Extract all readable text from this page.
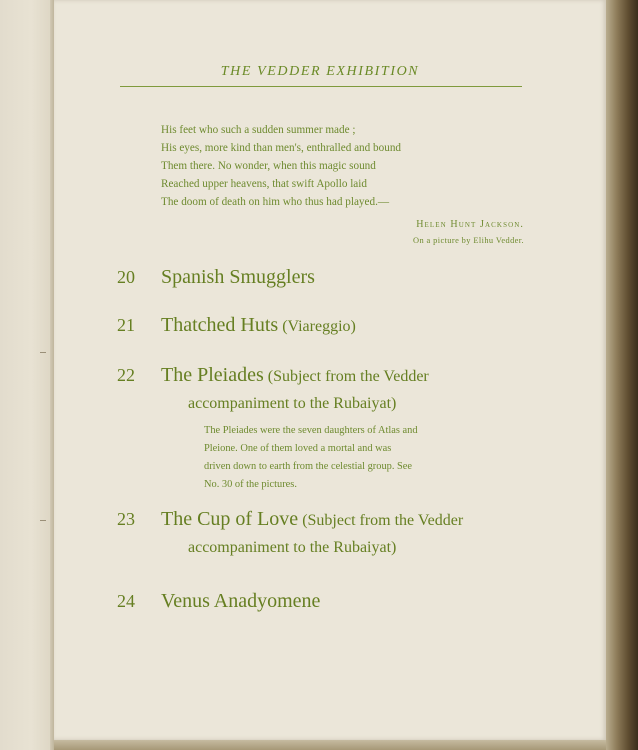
THE VEDDER EXHIBITION
His feet who such a sudden summer made ;
His eyes, more kind than men's, enthralled and bound
Them there. No wonder, when this magic sound
Reached upper heavens, that swift Apollo laid
The doom of death on him who thus had played.—
Helen Hunt Jackson.
On a picture by Elihu Vedder.
20 Spanish Smugglers
21 Thatched Huts (Viareggio)
22 The Pleiades (Subject from the Vedder
accompaniment to the Rubaiyat)
The Pleiades were the seven daughters of Atlas and
Pleione. One of them loved a mortal and was
driven down to earth from the celestial group. See
No. 30 of the pictures.
23 The Cup of Love (Subject from the Vedder
accompaniment to the Rubaiyat)
24 Venus Anadyomene
